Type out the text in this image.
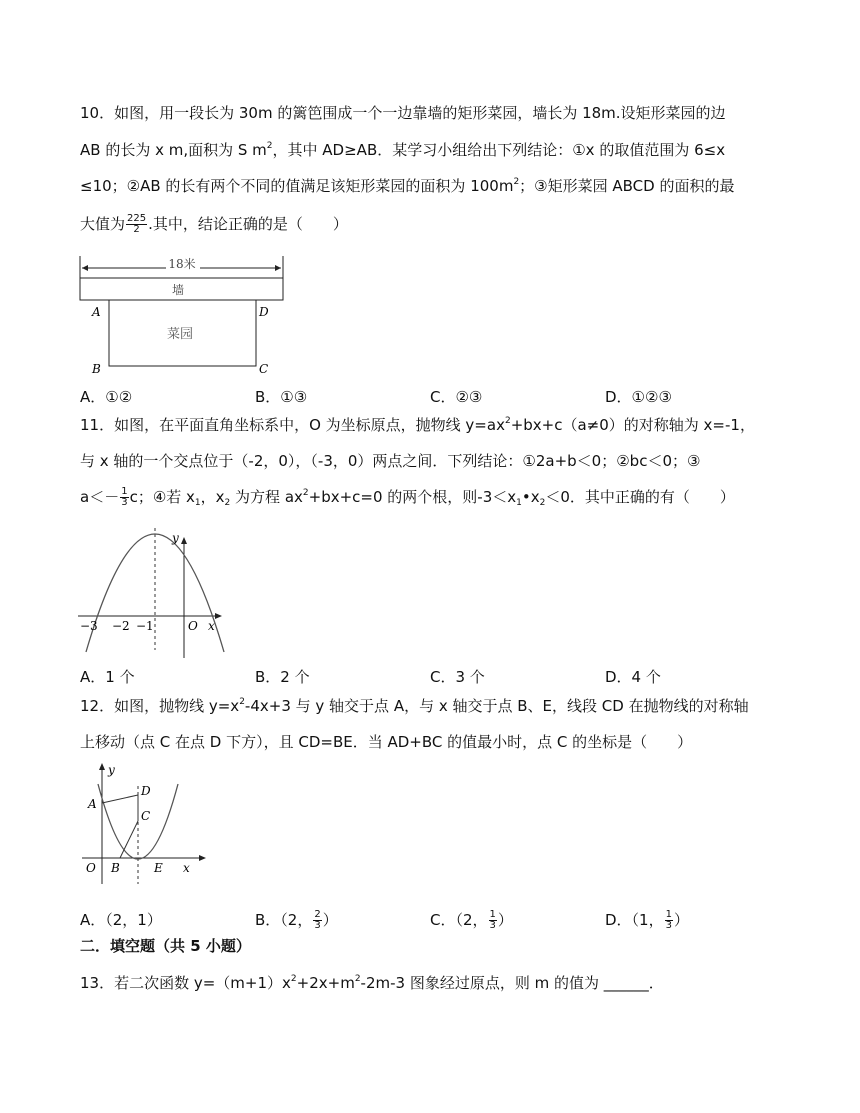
10．如图，用一段长为 30m 的篱笆围成一个一边靠墙的矩形菜园，墙长为 18m.设矩形菜园的边
AB 的长为 x m,面积为 S $m^2$，其中 AD≥AB．某学习小组给出下列结论：①x 的取值范围为 6≤x
≤10；②AB 的长有两个不同的值满足该矩形菜园的面积为 $100m^2$；③矩形菜园 ABCD 的面积的最
大值为 $\frac{225}{2}$ .其中，结论正确的是（　　）
18米
墙
菜园
A	D
B	C
A．①②	B．①③	C．②③	D．①②③
11．如图，在平面直角坐标系中，O 为坐标原点，抛物线 $y=ax^2+bx+c(a\ne 0)$的对称轴为 x=-1，
与 x 轴的一个交点位于（-2，0），（-3，0）两点之间．下列结论：①2a+b＜0；②bc＜0；③
$a<- \frac{1}{3}$ c；④若 $x_1$，$x_2$ 为方程 $ax^2+bx+c=0$ 的两个根，则$-3<x_1•x_2<0$．其中正确的有（　　）
−3 −2 −1	O x
y
A．1 个	B．2 个	C．3 个	D．4 个
12．如图，抛物线 $y=x^2-4x+3$ 与 y 轴交于点 A，与 x 轴交于点 B、E，线段 CD 在抛物线的对称轴
上移动（点 C 在点 D 下方），且 CD=BE．当 AD+BC 的值最小时，点 C 的坐标是（　　）
y
A
D
C
O B	E x
A．（2，1）	B．（2， $\frac{2}{3}$ ）	C．（2， $\frac{1}{3}$ ）	D．（1， $\frac{1}{3}$ ）
二．填空题（共 5 小题）
13．若二次函数 $y=(m+1)x^2+2x+m^2-2m-3$ 图象经过原点，则 m 的值为 ______．
